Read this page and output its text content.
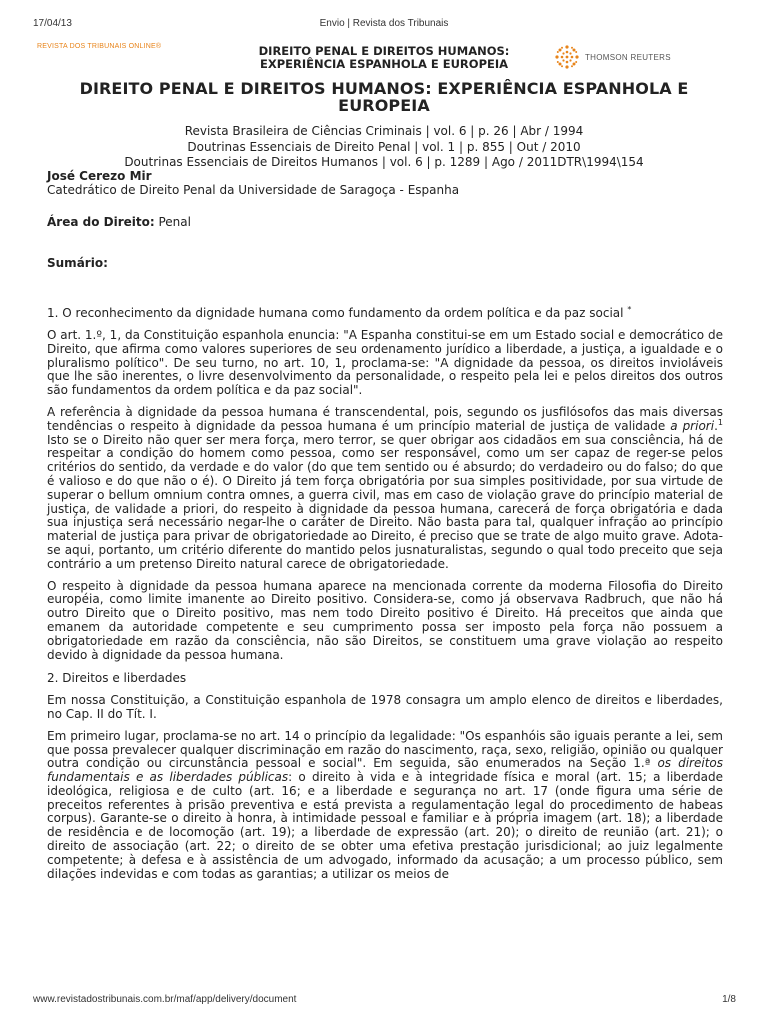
17/04/13	Envio | Revista dos Tribunais
REVISTA DOS TRIBUNAIS ONLINE®	DIREITO PENAL E DIREITOS HUMANOS:
EXPERIÊNCIA ESPANHOLA E EUROPEIA	THOMSON REUTERS
DIREITO PENAL E DIREITOS HUMANOS: EXPERIÊNCIA ESPANHOLA E EUROPEIA
Revista Brasileira de Ciências Criminais | vol. 6 | p. 26 | Abr / 1994
Doutrinas Essenciais de Direito Penal | vol. 1 | p. 855 | Out / 2010
Doutrinas Essenciais de Direitos Humanos | vol. 6 | p. 1289 | Ago / 2011DTR\1994\154

José Cerezo Mir

Catedrático de Direito Penal da Universidade de Saragoça - Espanha

Área do Direito: Penal

Sumário:

1. O reconhecimento da dignidade humana como fundamento da ordem política e da paz social *

O art. 1.º, 1, da Constituição espanhola enuncia: "A Espanha constitui-se em um Estado social e democrático de Direito, que afirma como valores superiores de seu ordenamento jurídico a liberdade, a justiça, a igualdade e o pluralismo político". De seu turno, no art. 10, 1, proclama-se: "A dignidade da pessoa, os direitos invioláveis que lhe são inerentes, o livre desenvolvimento da personalidade, o respeito pela lei e pelos direitos dos outros são fundamentos da ordem política e da paz social".

A referência à dignidade da pessoa humana é transcendental, pois, segundo os jusfilósofos das mais diversas tendências o respeito à dignidade da pessoa humana é um princípio material de justiça de validade a priori.$^1$ Isto se o Direito não quer ser mera força, mero terror, se quer obrigar aos cidadãos em sua consciência, há de respeitar a condição do homem como pessoa, como ser responsável, como um ser capaz de reger-se pelos critérios do sentido, da verdade e do valor (do que tem sentido ou é absurdo; do verdadeiro ou do falso; do que é valioso e do que não o é). O Direito já tem força obrigatória por sua simples positividade, por sua virtude de superar o bellum omnium contra omnes, a guerra civil, mas em caso de violação grave do princípio material de justiça, de validade a priori, do respeito à dignidade da pessoa humana, carecerá de força obrigatória e dada sua injustiça será necessário negar-lhe o caráter de Direito. Não basta para tal, qualquer infração ao princípio material de justiça para privar de obrigatoriedade ao Direito, é preciso que se trate de algo muito grave. Adota-se aqui, portanto, um critério diferente do mantido pelos jusnaturalistas, segundo o qual todo preceito que seja contrário a um pretenso Direito natural carece de obrigatoriedade.

O respeito à dignidade da pessoa humana aparece na mencionada corrente da moderna Filosofia do Direito européia, como limite imanente ao Direito positivo. Considera-se, como já observava Radbruch, que não há outro Direito que o Direito positivo, mas nem todo Direito positivo é Direito. Há preceitos que ainda que emanem da autoridade competente e seu cumprimento possa ser imposto pela força não possuem a obrigatoriedade em razão da consciência, não são Direitos, se constituem uma grave violação ao respeito devido à dignidade da pessoa humana.

2. Direitos e liberdades

Em nossa Constituição, a Constituição espanhola de 1978 consagra um amplo elenco de direitos e liberdades, no Cap. II do Tít. I.

Em primeiro lugar, proclama-se no art. 14 o princípio da legalidade: "Os espanhóis são iguais perante a lei, sem que possa prevalecer qualquer discriminação em razão do nascimento, raça, sexo, religião, opinião ou qualquer outra condição ou circunstância pessoal e social". Em seguida, são enumerados na Seção 1.ª os direitos fundamentais e as liberdades públicas: o direito à vida e à integridade física e moral (art. 15; a liberdade ideológica, religiosa e de culto (art. 16; e a liberdade e segurança no art. 17 (onde figura uma série de preceitos referentes à prisão preventiva e está prevista a regulamentação legal do procedimento de habeas corpus). Garante-se o direito à honra, à intimidade pessoal e familiar e à própria imagem (art. 18); a liberdade de residência e de locomoção (art. 19); a liberdade de expressão (art. 20); o direito de reunião (art. 21); o direito de associação (art. 22; o direito de se obter uma efetiva prestação jurisdicional; ao juiz legalmente competente; à defesa e à assistência de um advogado, informado da acusação; a um processo público, sem dilações indevidas e com todas as garantias; a utilizar os meios de

www.revistadostribunais.com.br/maf/app/delivery/document	1/8
